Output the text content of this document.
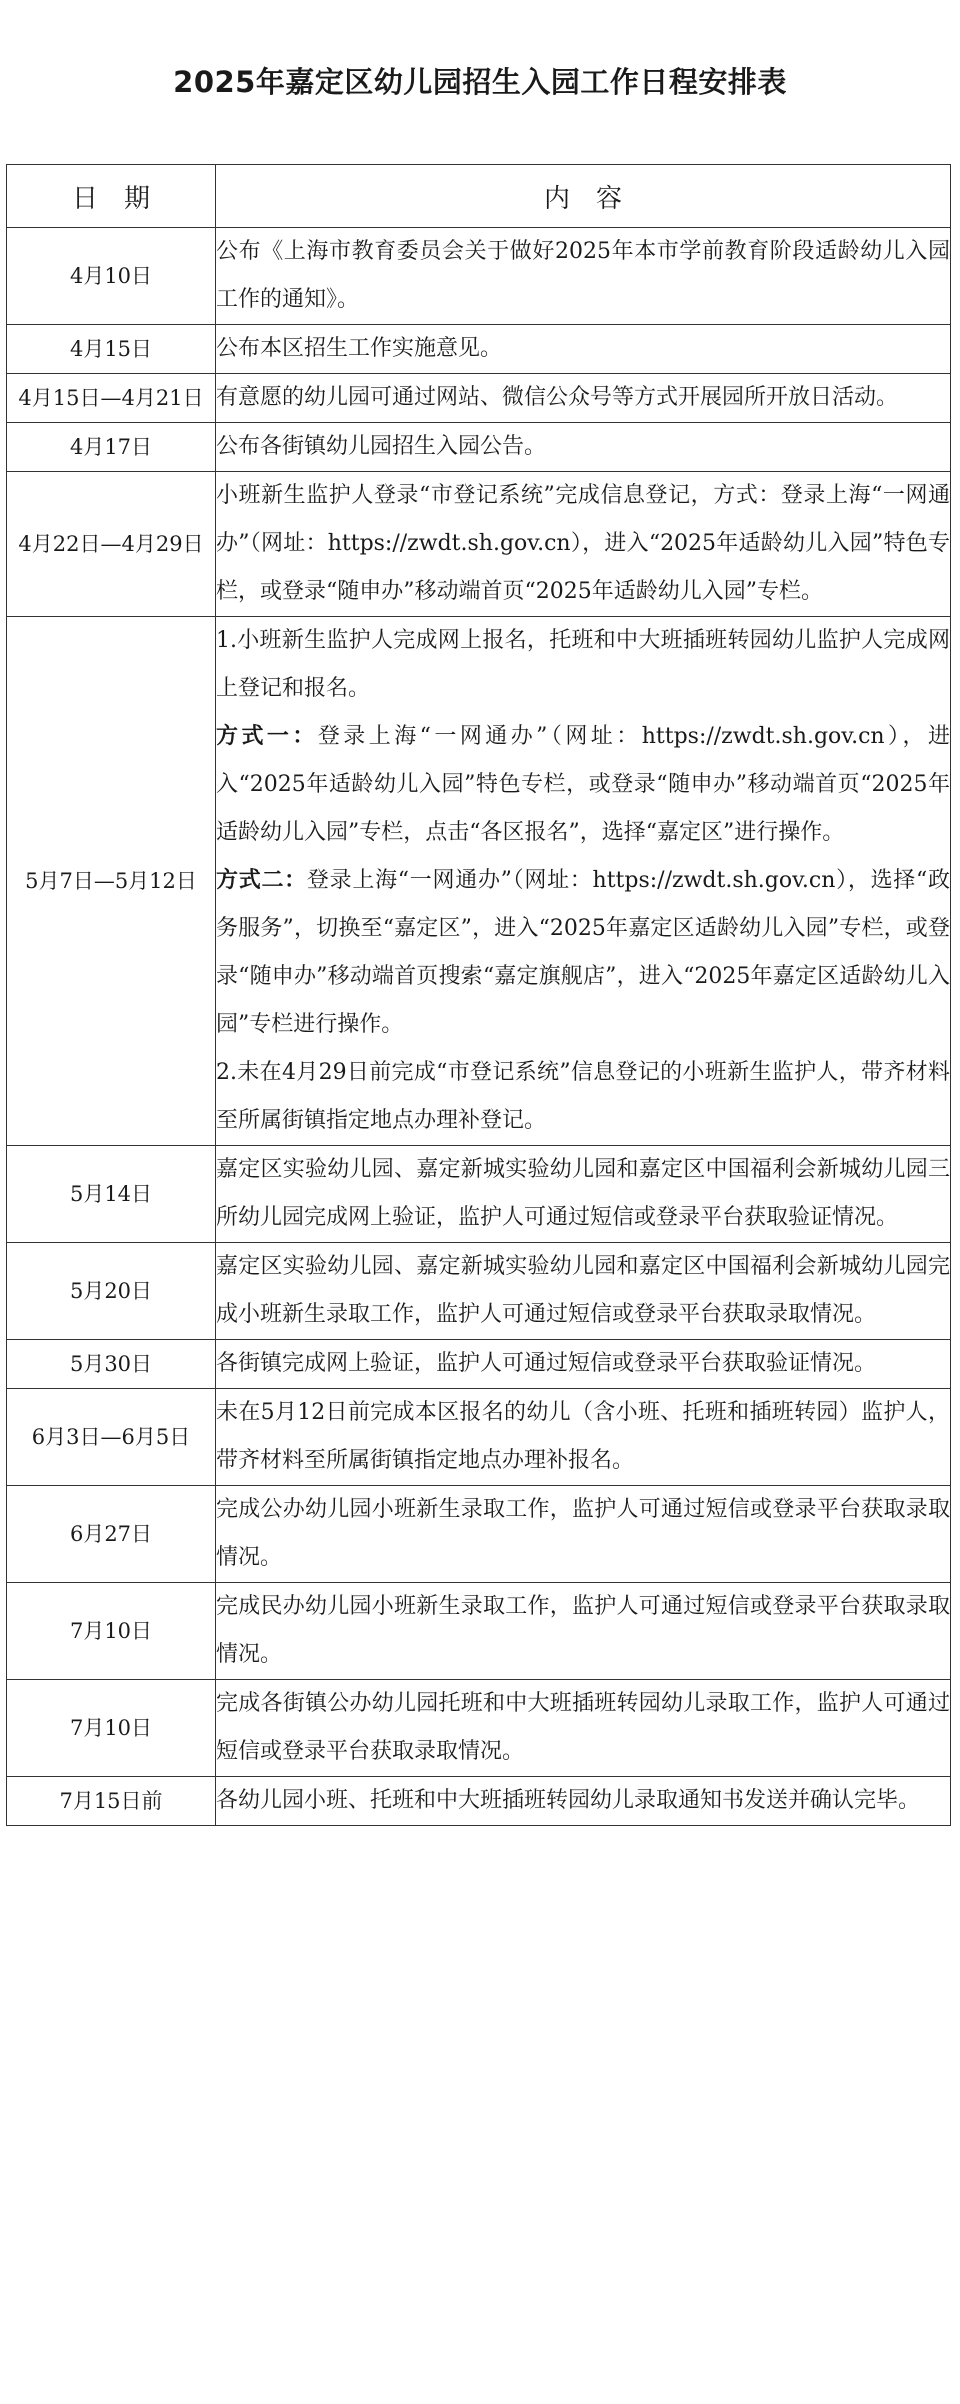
2025年嘉定区幼儿园招生入园工作日程安排表
日　期	内　容
4月10日	公布《上海市教育委员会关于做好2025年本市学前教育阶段适龄幼儿入园工作的通知》。

4月15日	公布本区招生工作实施意见。

4月15日—4月21日	有意愿的幼儿园可通过网站、微信公众号等方式开展园所开放日活动。

4月17日	公布各街镇幼儿园招生入园公告。

4月22日—4月29日	小班新生监护人登录“市登记系统”完成信息登记，方式：登录上海“一网通办”（网址：https://zwdt.sh.gov.cn），进入“2025年适龄幼儿入园”特色专栏，或登录“随申办”移动端首页“2025年适龄幼儿入园”专栏。

5月7日—5月12日	1.小班新生监护人完成网上报名，托班和中大班插班转园幼儿监护人完成网上登记和报名。
方式一：登录上海“一网通办”（网址：https://zwdt.sh.gov.cn），进入“2025年适龄幼儿入园”特色专栏，或登录“随申办”移动端首页“2025年适龄幼儿入园”专栏，点击“各区报名”，选择“嘉定区”进行操作。
方式二：登录上海“一网通办”（网址：https://zwdt.sh.gov.cn），选择“政务服务”，切换至“嘉定区”，进入“2025年嘉定区适龄幼儿入园”专栏，或登录“随申办”移动端首页搜索“嘉定旗舰店”，进入“2025年嘉定区适龄幼儿入园”专栏进行操作。
2.未在4月29日前完成“市登记系统”信息登记的小班新生监护人，带齐材料至所属街镇指定地点办理补登记。

5月14日	嘉定区实验幼儿园、嘉定新城实验幼儿园和嘉定区中国福利会新城幼儿园三所幼儿园完成网上验证，监护人可通过短信或登录平台获取验证情况。

5月20日	嘉定区实验幼儿园、嘉定新城实验幼儿园和嘉定区中国福利会新城幼儿园完成小班新生录取工作，监护人可通过短信或登录平台获取录取情况。

5月30日	各街镇完成网上验证，监护人可通过短信或登录平台获取验证情况。

6月3日—6月5日	未在5月12日前完成本区报名的幼儿（含小班、托班和插班转园）监护人，带齐材料至所属街镇指定地点办理补报名。

6月27日	完成公办幼儿园小班新生录取工作，监护人可通过短信或登录平台获取录取情况。

7月10日	完成民办幼儿园小班新生录取工作，监护人可通过短信或登录平台获取录取情况。

7月10日	完成各街镇公办幼儿园托班和中大班插班转园幼儿录取工作，监护人可通过短信或登录平台获取录取情况。

7月15日前	各幼儿园小班、托班和中大班插班转园幼儿录取通知书发送并确认完毕。
